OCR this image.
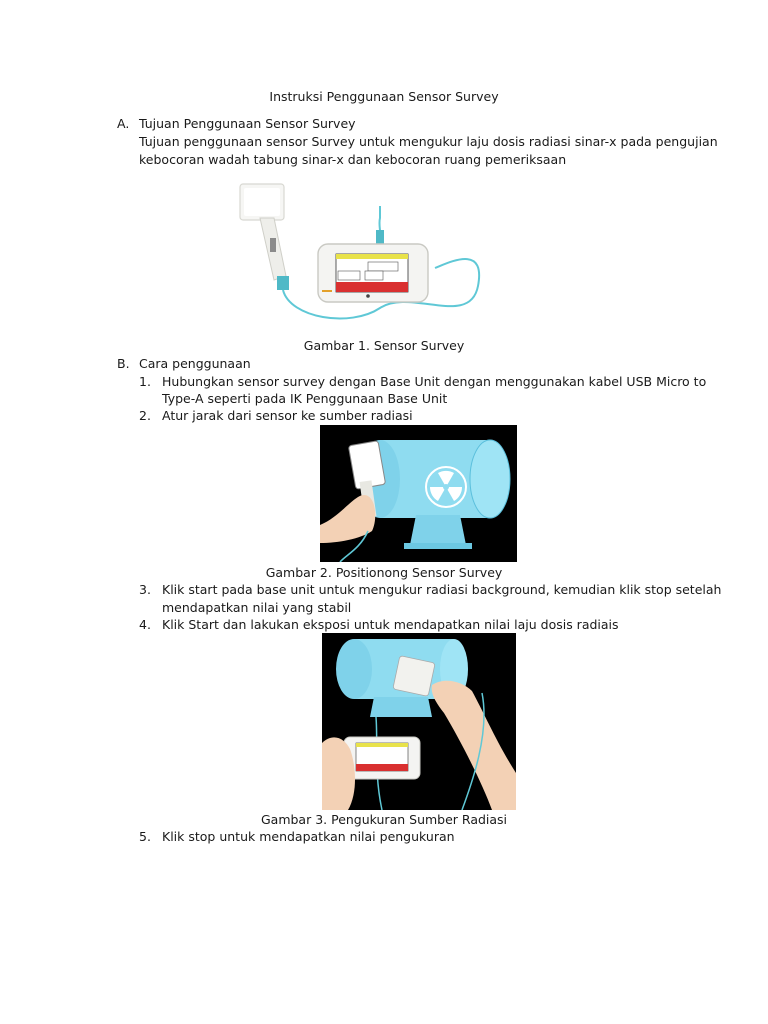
Instruksi Penggunaan Sensor Survey
A. Tujuan Penggunaan Sensor Survey
Tujuan penggunaan sensor Survey untuk mengukur laju dosis radiasi sinar-x pada pengujian
kebocoran wadah tabung sinar-x dan kebocoran ruang pemeriksaan
Gambar 1. Sensor Survey
B. Cara penggunaan
1. Hubungkan sensor survey dengan Base Unit dengan menggunakan kabel USB Micro to
Type-A seperti pada IK Penggunaan Base Unit
2. Atur jarak dari sensor ke sumber radiasi
Gambar 2. Positionong Sensor Survey
3. Klik start pada base unit untuk mengukur radiasi background, kemudian klik stop setelah
mendapatkan nilai yang stabil
4. Klik Start dan lakukan eksposi untuk mendapatkan nilai laju dosis radiais
Gambar 3. Pengukuran Sumber Radiasi
5. Klik stop untuk mendapatkan nilai pengukuran
